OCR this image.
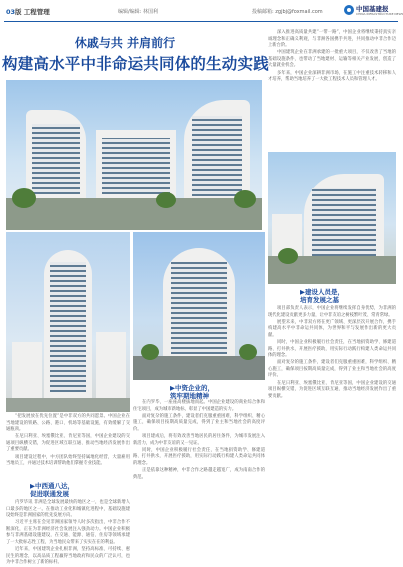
03版 工程管理	编辑/编辑: 林国利	投稿邮箱: zgjbj@foxmail.com	中国基建报
CHINA INFRASTRUCTURE NEWS
休戚与共 并肩前行
构建高水平中非命运共同体的生动实践
▶中西通八达，
促进联通发展
▶中资企业的，
筑牢期地精神
▶建设人员是，
培育发展之基

“把发展放在优先位置”是中非双方的共同愿景。中国企业在当地建设的铁路、公路、港口、机场等基础设施，有效缓解了交通瓶颈。

在尼日利亚、埃塞俄比亚、肯尼亚等国，中国企业建设的交通项目纵横交错，为促进区域互联互通、推动当地经济发展作出了重要贡献。

项目建设过程中，中方团队始终坚持属地化经营，大量雇用当地员工，并通过技术培训帮助他们掌握专业技能。

内罗毕讯 非洲是全球发展最快的地区之一，也是全球新增人口最多的地区之一。在推动工业化和城镇化进程中，基础设施建设始终是非洲国家的优先发展方向。

习近平主席在会见非洲国家领导人时多次指出，中非合作不断深化，正在为非洲经济社会发展注入强劲动力。中国企业积极参与非洲基础设施建设，在交通、能源、通信、住房等领域承建了一大批标志性工程，为当地民众带来了实实在在的利益。

近年来，中国建筑企业扎根非洲，坚持高标准、可持续、惠民生的理念，以高品质工程赢得当地政府和民众的广泛认可，也为中非合作树立了新的标杆。

在内罗毕，一座座高楼拔地而起。中国企业建设的商业综合体和住宅项目，成为城市新地标，彰显了中国建造的实力。

面对复杂的施工条件，建设者们克服重重困难，科学组织、精心施工，确保项目按期高质量完成，得到了业主和当地社会的高度评价。

项目建成后，将有效改善当地居民的居住条件，为城市发展注入新活力，成为中非友谊的又一见证。

同时，中国企业积极履行社会责任，在当地捐资助学、修建道路、打井供水，开展医疗援助，用实际行动践行构建人类命运共同体的理念。

正是依靠这种精神，中非合作之路越走越宽广，成为南南合作的典范。

深入推进高质量共建“一带一路”，中国企业将继续秉持真实亲诚理念和正确义利观，与非洲各国携手共进，共同推动中非合作迈上新台阶。

中国建筑企业在非洲承建的一批重大项目，不仅改善了当地的基础设施条件，也带动了当地建材、运输等相关产业发展，创造了大量就业机会。

多年来，中国企业深耕非洲市场，在施工中注重技术转移和人才培养，帮助当地培养了一大批工程技术人员和管理人才。

项目部负责人表示，中国企业将继续发挥自身优势，为非洲的现代化建设贡献更多力量，让中非友谊之树枝繁叶茂、常青常绿。

展望未来，中非双方将在更广领域、更深层次开展合作，携手构建高水平中非命运共同体，为世界和平与发展作出新的更大贡献。

同时，中国企业积极履行社会责任，在当地捐资助学、修建道路、打井供水，开展医疗援助，用实际行动践行构建人类命运共同体的理念。

面对复杂的施工条件，建设者们克服重重困难，科学组织、精心施工，确保项目按期高质量完成，得到了业主和当地社会的高度评价。

在尼日利亚、埃塞俄比亚、肯尼亚等国，中国企业建设的交通项目纵横交错，为促进区域互联互通、推动当地经济发展作出了重要贡献。
